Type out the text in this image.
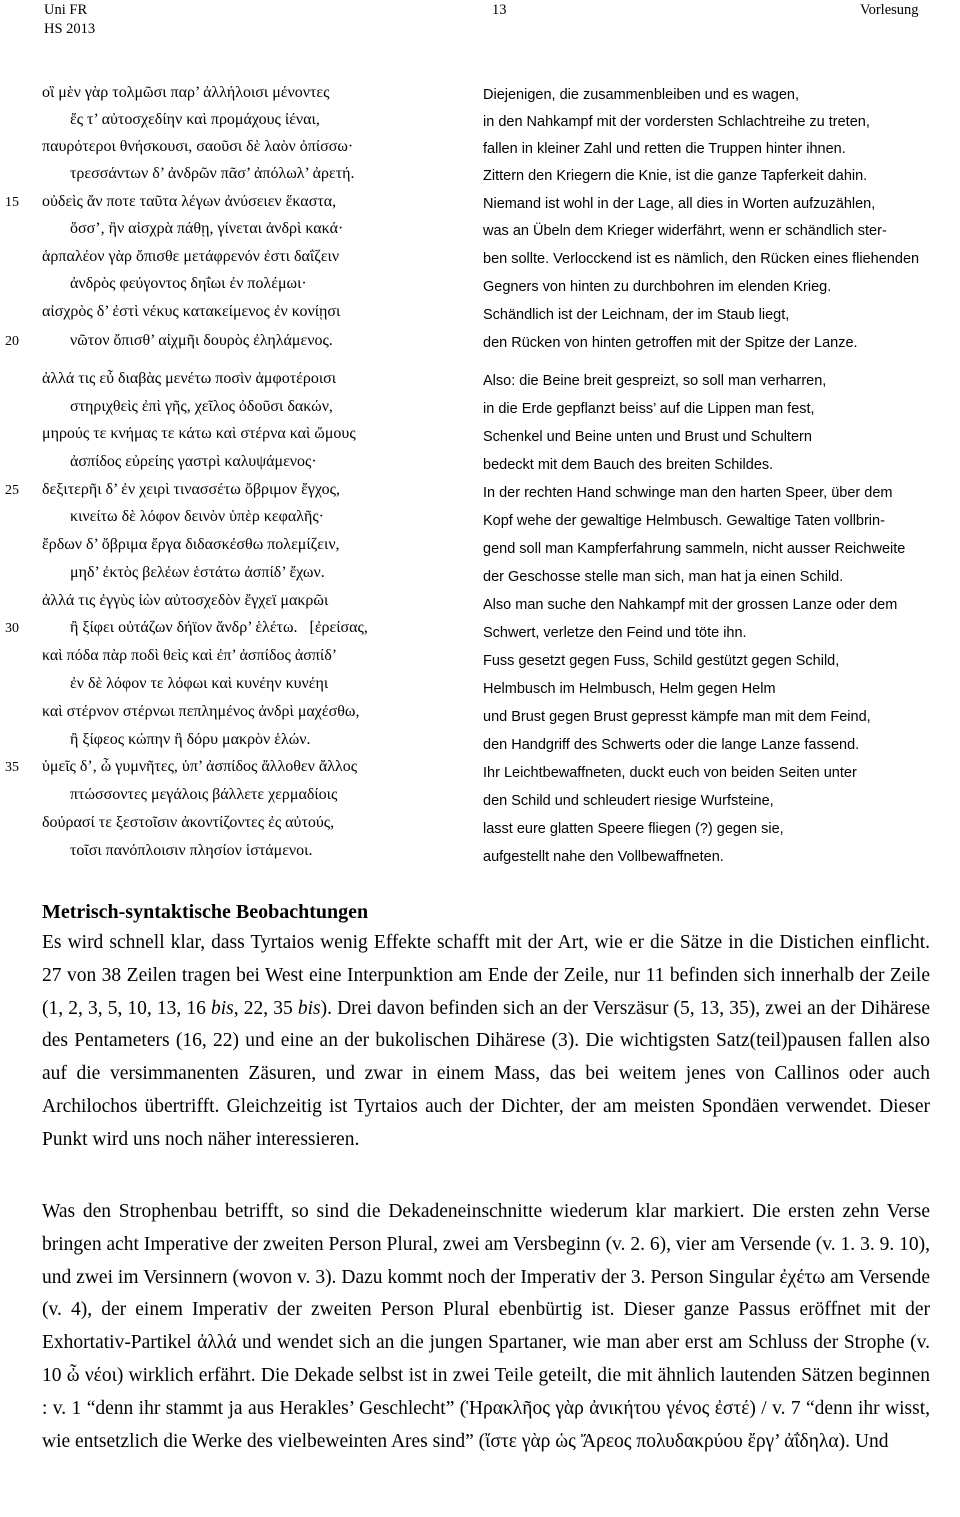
Uni FR
HS 2013
13	Vorlesung
οἳ μὲν γὰρ τολμῶσι παρ’ ἀλλήλοισι μένοντες
ἔς τ’ αὐτοσχεδίην καὶ προμάχους ἰέναι,
παυρότεροι θνήσκουσι, σαοῦσι δὲ λαὸν ὀπίσσω·
τρεσσάντων δ’ ἀνδρῶν πᾶσ’ ἀπόλωλ’ ἀρετή.
οὐδεὶς ἄν ποτε ταῦτα λέγων ἀνύσειεν ἕκαστα,
ὅσσ’, ἢν αἰσχρὰ πάθῃ, γίνεται ἀνδρὶ κακά·
ἁρπαλέον γὰρ ὄπισθε μετάφρενόν ἐστι δαΐζειν
ἀνδρὸς φεύγοντος δηΐωι ἐν πολέμωι·
αἰσχρὸς δ’ ἐστὶ νέκυς κατακείμενος ἐν κονίῃσι
νῶτον ὄπισθ’ αἰχμῆι δουρὸς ἐληλάμενος.
ἀλλά τις εὖ διαβὰς μενέτω ποσὶν ἀμφοτέροισι
στηριχθεὶς ἐπὶ γῆς, χεῖλος ὀδοῦσι δακών,
μηρούς τε κνήμας τε κάτω καὶ στέρνα καὶ ὤμους
ἀσπίδος εὐρείης γαστρὶ καλυψάμενος·
δεξιτερῆι δ’ ἐν χειρὶ τινασσέτω ὄβριμον ἔγχος,
κινείτω δὲ λόφον δεινὸν ὑπὲρ κεφαλῆς·
ἔρδων δ’ ὄβριμα ἔργα διδασκέσθω πολεμίζειν,
μηδ’ ἐκτὸς βελέων ἑστάτω ἀσπίδ’ ἔχων.
ἀλλά τις ἐγγὺς ἰὼν αὐτοσχεδὸν ἔγχεϊ μακρῶι
ἢ ξίφει οὐτάζων δήϊον ἄνδρ’ ἑλέτω.   [ἐρείσας,
καὶ πόδα πὰρ ποδὶ θεὶς καὶ ἐπ’ ἀσπίδος ἀσπίδ’
ἐν δὲ λόφον τε λόφωι καὶ κυνέην κυνέηι
καὶ στέρνον στέρνωι πεπλημένος ἀνδρὶ μαχέσθω,
ἢ ξίφεος κώπην ἢ δόρυ μακρὸν ἑλών.
ὑμεῖς δ’, ὦ γυμνῆτες, ὑπ’ ἀσπίδος ἄλλοθεν ἄλλος
πτώσσοντες μεγάλοις βάλλετε χερμαδίοις
δούρασί τε ξεστοῖσιν ἀκοντίζοντες ἐς αὐτούς,
τοῖσι πανόπλοισιν πλησίον ἱστάμενοι.
15
20
25
30
35
Diejenigen, die zusammenbleiben und es wagen,
in den Nahkampf mit der vordersten Schlachtreihe zu treten,
fallen in kleiner Zahl und retten die Truppen hinter ihnen.
Zittern den Kriegern die Knie, ist die ganze Tapferkeit dahin.
Niemand ist wohl in der Lage, all dies in Worten aufzuzählen,
was an Übeln dem Krieger widerfährt, wenn er schändlich ster-
ben sollte. Verlocckend ist es nämlich, den Rücken eines fliehenden
Gegners von hinten zu durchbohren im elenden Krieg.
Schändlich ist der Leichnam, der im Staub liegt,
den Rücken von hinten getroffen mit der Spitze der Lanze.
Also: die Beine breit gespreizt, so soll man verharren,
in die Erde gepflanzt beiss’ auf die Lippen man fest,
Schenkel und Beine unten und Brust und Schultern
bedeckt mit dem Bauch des breiten Schildes.
In der rechten Hand schwinge man den harten Speer, über dem
Kopf wehe der gewaltige Helmbusch. Gewaltige Taten vollbrin-
gend soll man Kampferfahrung sammeln, nicht ausser Reichweite
der Geschosse stelle man sich, man hat ja einen Schild.
Also man suche den Nahkampf mit der grossen Lanze oder dem
Schwert, verletze den Feind und töte ihn.
Fuss gesetzt gegen Fuss, Schild gestützt gegen Schild,
Helmbusch im Helmbusch, Helm gegen Helm
und Brust gegen Brust gepresst kämpfe man mit dem Feind,
den Handgriff des Schwerts oder die lange Lanze fassend.
Ihr Leichtbewaffneten, duckt euch von beiden Seiten unter
den Schild und schleudert riesige Wurfsteine,
lasst eure glatten Speere fliegen (?) gegen sie,
aufgestellt nahe den Vollbewaffneten.
Metrisch-syntaktische Beobachtungen

Es wird schnell klar, dass Tyrtaios wenig Effekte schafft mit der Art, wie er die Sätze in die Distichen einflicht. 27 von 38 Zeilen tragen bei West eine Interpunktion am Ende der Zeile, nur 11 befinden sich innerhalb der Zeile (1, 2, 3, 5, 10, 13, 16 bis, 22, 35 bis). Drei davon befinden sich an der Verszäsur (5, 13, 35), zwei an der Dihärese des Pentameters (16, 22) und eine an der bukolischen Dihärese (3). Die wichtigsten Satz(teil)pausen fallen also auf die versimmanenten Zäsuren, und zwar in einem Mass, das bei weitem jenes von Callinos oder auch Archilochos übertrifft. Gleichzeitig ist Tyrtaios auch der Dichter, der am meisten Spondäen verwendet. Dieser Punkt wird uns noch näher interessieren.

Was den Strophenbau betrifft, so sind die Dekadeneinschnitte wiederum klar markiert. Die ersten zehn Verse bringen acht Imperative der zweiten Person Plural, zwei am Versbeginn (v. 2. 6), vier am Versende (v. 1. 3. 9. 10), und zwei im Versinnern (wovon v. 3). Dazu kommt noch der Imperativ der 3. Person Singular ἐχέτω am Versende (v. 4), der einem Imperativ der zweiten Person Plural ebenbürtig ist. Dieser ganze Passus eröffnet mit der Exhortativ-Partikel ἀλλά und wendet sich an die jungen Spartaner, wie man aber erst am Schluss der Strophe (v. 10 ὦ νέοι) wirklich erfährt. Die Dekade selbst ist in zwei Teile geteilt, die mit ähnlich lautenden Sätzen beginnen : v. 1 “denn ihr stammt ja aus Herakles’ Geschlecht” (Ἡρακλῆος γὰρ ἀνικήτου γένος ἐστέ) / v. 7 “denn ihr wisst, wie entsetzlich die Werke des vielbeweinten Ares sind” (ἴστε γὰρ ὡς Ἄρεος πολυδακρύου ἔργ’ ἀΐδηλα). Und
